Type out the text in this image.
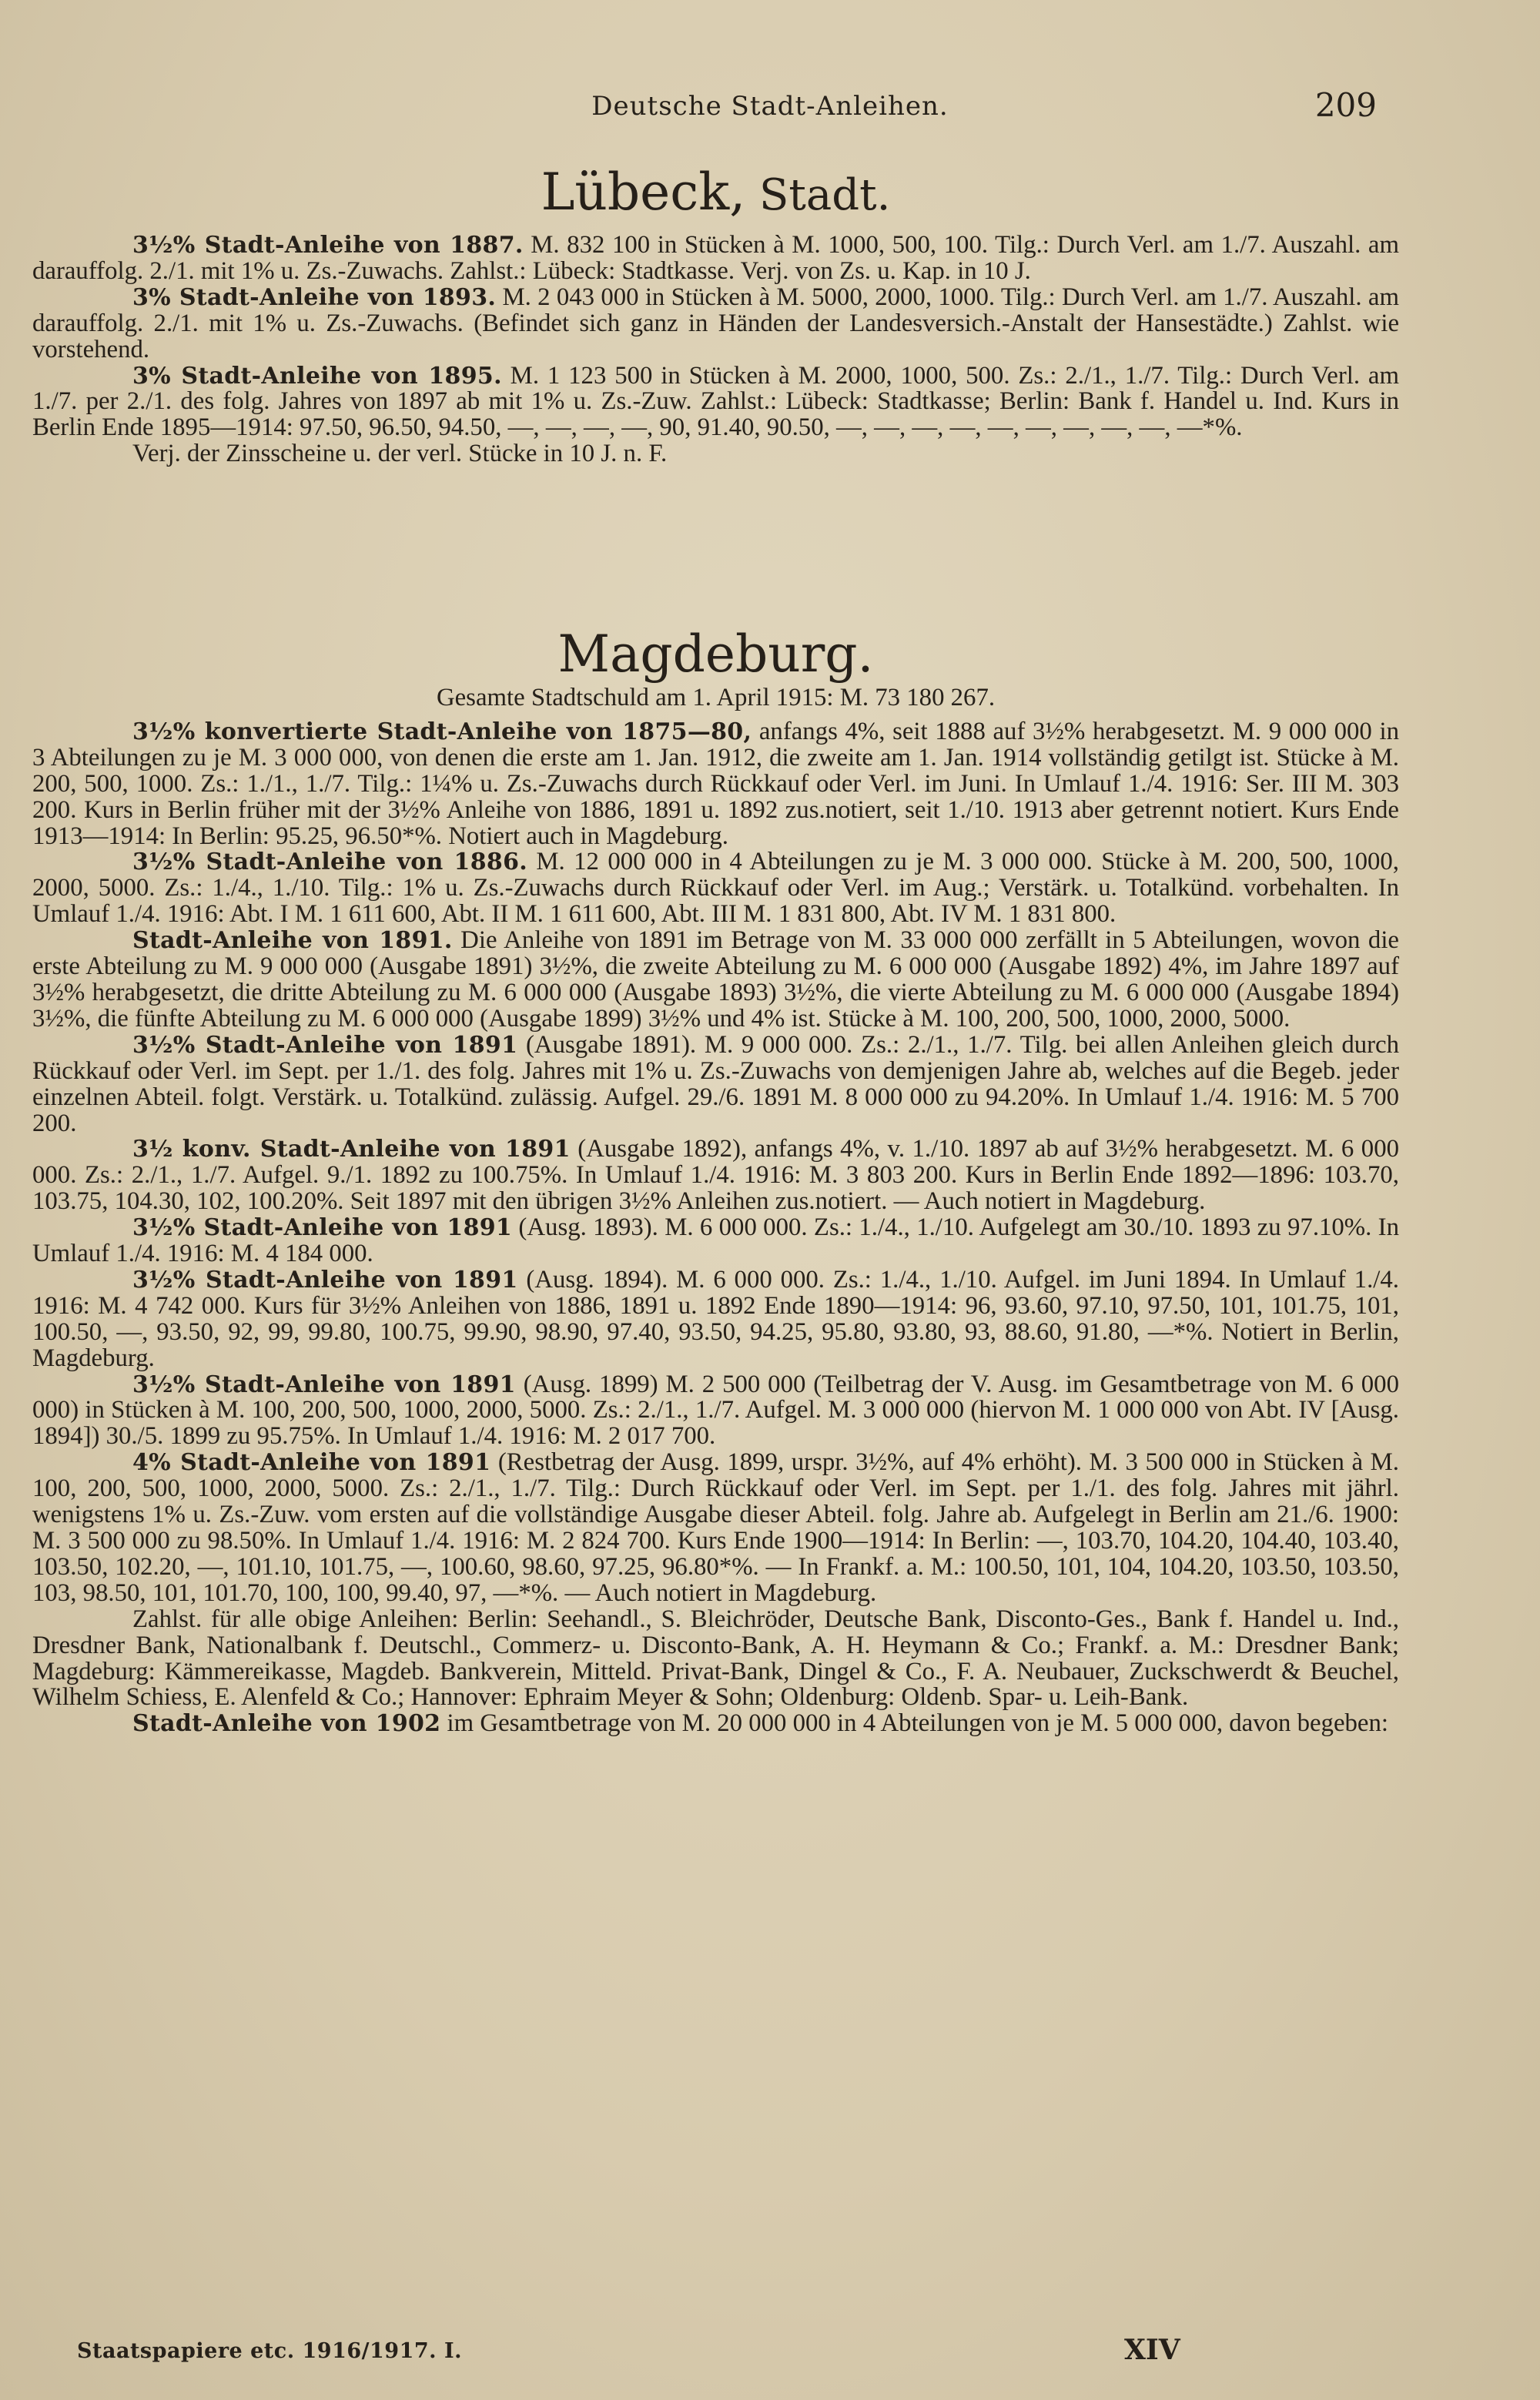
Deutsche Stadt-Anleihen.	209

Lübeck, Stadt.

3½% Stadt-Anleihe von 1887. M. 832 100 in Stücken à M. 1000, 500, 100. Tilg.: Durch Verl. am 1./7. Auszahl. am darauffolg. 2./1. mit 1% u. Zs.-Zuwachs. Zahlst.: Lübeck: Stadtkasse. Verj. von Zs. u. Kap. in 10 J.

3% Stadt-Anleihe von 1893. M. 2 043 000 in Stücken à M. 5000, 2000, 1000. Tilg.: Durch Verl. am 1./7. Auszahl. am darauffolg. 2./1. mit 1% u. Zs.-Zuwachs. (Befindet sich ganz in Händen der Landesversich.-Anstalt der Hansestädte.) Zahlst. wie vorstehend.

3% Stadt-Anleihe von 1895. M. 1 123 500 in Stücken à M. 2000, 1000, 500. Zs.: 2./1., 1./7. Tilg.: Durch Verl. am 1./7. per 2./1. des folg. Jahres von 1897 ab mit 1% u. Zs.-Zuw. Zahlst.: Lübeck: Stadtkasse; Berlin: Bank f. Handel u. Ind. Kurs in Berlin Ende 1895—1914: 97.50, 96.50, 94.50, —, —, —, —, 90, 91.40, 90.50, —, —, —, —, —, —, —, —, —, —*%.

Verj. der Zinsscheine u. der verl. Stücke in 10 J. n. F.

Magdeburg.

Gesamte Stadtschuld am 1. April 1915: M. 73 180 267.

3½% konvertierte Stadt-Anleihe von 1875—80, anfangs 4%, seit 1888 auf 3½% herabgesetzt. M. 9 000 000 in 3 Abteilungen zu je M. 3 000 000, von denen die erste am 1. Jan. 1912, die zweite am 1. Jan. 1914 vollständig getilgt ist. Stücke à M. 200, 500, 1000. Zs.: 1./1., 1./7. Tilg.: 1¼% u. Zs.-Zuwachs durch Rückkauf oder Verl. im Juni. In Umlauf 1./4. 1916: Ser. III M. 303 200. Kurs in Berlin früher mit der 3½% Anleihe von 1886, 1891 u. 1892 zus.notiert, seit 1./10. 1913 aber getrennt notiert. Kurs Ende 1913—1914: In Berlin: 95.25, 96.50*%. Notiert auch in Magdeburg.

3½% Stadt-Anleihe von 1886. M. 12 000 000 in 4 Abteilungen zu je M. 3 000 000. Stücke à M. 200, 500, 1000, 2000, 5000. Zs.: 1./4., 1./10. Tilg.: 1% u. Zs.-Zuwachs durch Rückkauf oder Verl. im Aug.; Verstärk. u. Totalkünd. vorbehalten. In Umlauf 1./4. 1916: Abt. I M. 1 611 600, Abt. II M. 1 611 600, Abt. III M. 1 831 800, Abt. IV M. 1 831 800.

Stadt-Anleihe von 1891. Die Anleihe von 1891 im Betrage von M. 33 000 000 zerfällt in 5 Abteilungen, wovon die erste Abteilung zu M. 9 000 000 (Ausgabe 1891) 3½%, die zweite Abteilung zu M. 6 000 000 (Ausgabe 1892) 4%, im Jahre 1897 auf 3½% herabgesetzt, die dritte Abteilung zu M. 6 000 000 (Ausgabe 1893) 3½%, die vierte Abteilung zu M. 6 000 000 (Ausgabe 1894) 3½%, die fünfte Abteilung zu M. 6 000 000 (Ausgabe 1899) 3½% und 4% ist. Stücke à M. 100, 200, 500, 1000, 2000, 5000.

3½% Stadt-Anleihe von 1891 (Ausgabe 1891). M. 9 000 000. Zs.: 2./1., 1./7. Tilg. bei allen Anleihen gleich durch Rückkauf oder Verl. im Sept. per 1./1. des folg. Jahres mit 1% u. Zs.-Zuwachs von demjenigen Jahre ab, welches auf die Begeb. jeder einzelnen Abteil. folgt. Verstärk. u. Totalkünd. zulässig. Aufgel. 29./6. 1891 M. 8 000 000 zu 94.20%. In Umlauf 1./4. 1916: M. 5 700 200.

3½ konv. Stadt-Anleihe von 1891 (Ausgabe 1892), anfangs 4%, v. 1./10. 1897 ab auf 3½% herabgesetzt. M. 6 000 000. Zs.: 2./1., 1./7. Aufgel. 9./1. 1892 zu 100.75%. In Umlauf 1./4. 1916: M. 3 803 200. Kurs in Berlin Ende 1892—1896: 103.70, 103.75, 104.30, 102, 100.20%. Seit 1897 mit den übrigen 3½% Anleihen zus.notiert. — Auch notiert in Magdeburg.

3½% Stadt-Anleihe von 1891 (Ausg. 1893). M. 6 000 000. Zs.: 1./4., 1./10. Aufgelegt am 30./10. 1893 zu 97.10%. In Umlauf 1./4. 1916: M. 4 184 000.

3½% Stadt-Anleihe von 1891 (Ausg. 1894). M. 6 000 000. Zs.: 1./4., 1./10. Aufgel. im Juni 1894. In Umlauf 1./4. 1916: M. 4 742 000. Kurs für 3½% Anleihen von 1886, 1891 u. 1892 Ende 1890—1914: 96, 93.60, 97.10, 97.50, 101, 101.75, 101, 100.50, —, 93.50, 92, 99, 99.80, 100.75, 99.90, 98.90, 97.40, 93.50, 94.25, 95.80, 93.80, 93, 88.60, 91.80, —*%. Notiert in Berlin, Magdeburg.

3½% Stadt-Anleihe von 1891 (Ausg. 1899) M. 2 500 000 (Teilbetrag der V. Ausg. im Gesamtbetrage von M. 6 000 000) in Stücken à M. 100, 200, 500, 1000, 2000, 5000. Zs.: 2./1., 1./7. Aufgel. M. 3 000 000 (hiervon M. 1 000 000 von Abt. IV [Ausg. 1894]) 30./5. 1899 zu 95.75%. In Umlauf 1./4. 1916: M. 2 017 700.

4% Stadt-Anleihe von 1891 (Restbetrag der Ausg. 1899, urspr. 3½%, auf 4% erhöht). M. 3 500 000 in Stücken à M. 100, 200, 500, 1000, 2000, 5000. Zs.: 2./1., 1./7. Tilg.: Durch Rückkauf oder Verl. im Sept. per 1./1. des folg. Jahres mit jährl. wenigstens 1% u. Zs.-Zuw. vom ersten auf die vollständige Ausgabe dieser Abteil. folg. Jahre ab. Aufgelegt in Berlin am 21./6. 1900: M. 3 500 000 zu 98.50%. In Umlauf 1./4. 1916: M. 2 824 700. Kurs Ende 1900—1914: In Berlin: —, 103.70, 104.20, 104.40, 103.40, 103.50, 102.20, —, 101.10, 101.75, —, 100.60, 98.60, 97.25, 96.80*%. — In Frankf. a. M.: 100.50, 101, 104, 104.20, 103.50, 103.50, 103, 98.50, 101, 101.70, 100, 100, 99.40, 97, —*%. — Auch notiert in Magdeburg.

Zahlst. für alle obige Anleihen: Berlin: Seehandl., S. Bleichröder, Deutsche Bank, Disconto-Ges., Bank f. Handel u. Ind., Dresdner Bank, Nationalbank f. Deutschl., Commerz- u. Disconto-Bank, A. H. Heymann & Co.; Frankf. a. M.: Dresdner Bank; Magdeburg: Kämmereikasse, Magdeb. Bankverein, Mitteld. Privat-Bank, Dingel & Co., F. A. Neubauer, Zuckschwerdt & Beuchel, Wilhelm Schiess, E. Alenfeld & Co.; Hannover: Ephraim Meyer & Sohn; Oldenburg: Oldenb. Spar- u. Leih-Bank.

Stadt-Anleihe von 1902 im Gesamtbetrage von M. 20 000 000 in 4 Abteilungen von je M. 5 000 000, davon begeben:

Staatspapiere etc. 1916/1917. I.	XIV
